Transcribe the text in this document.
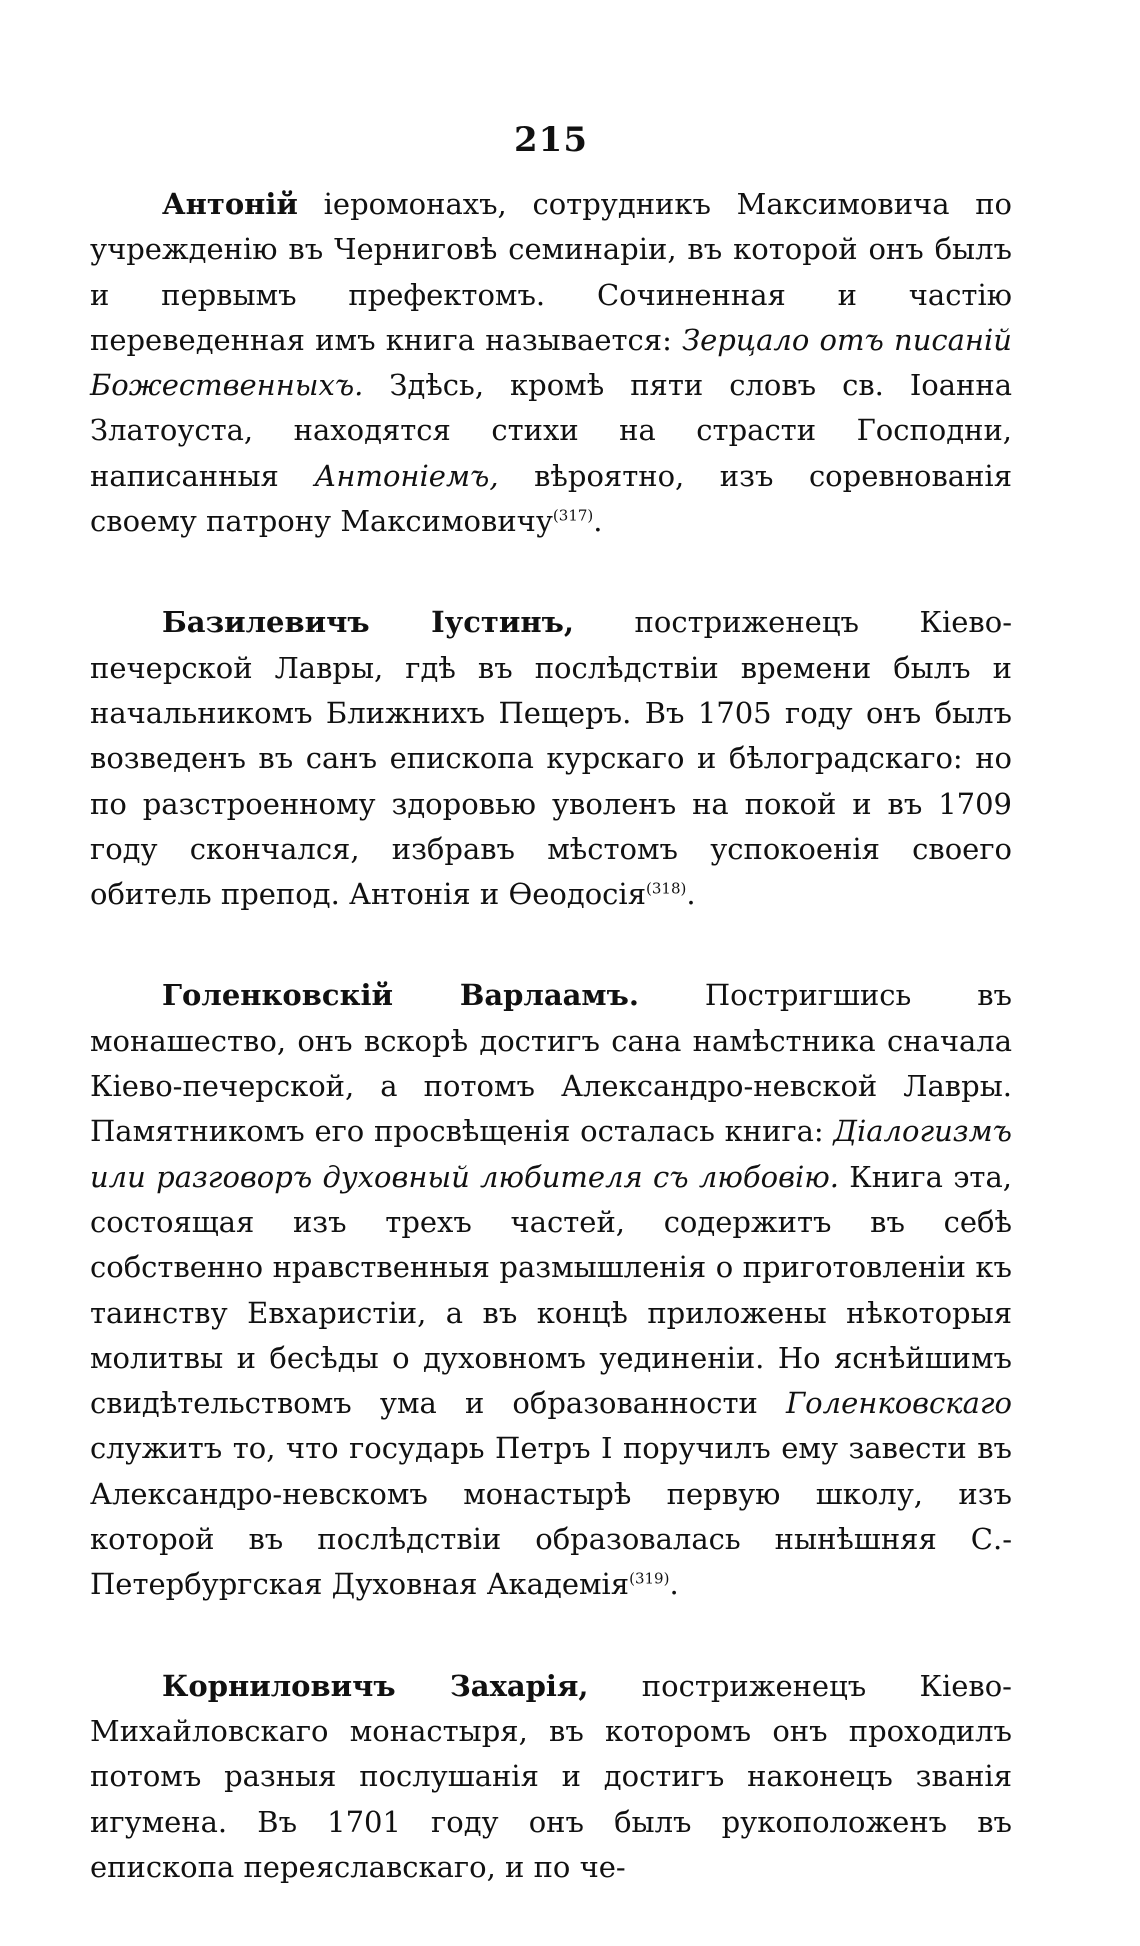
215

Антоній іеромонахъ, сотрудникъ Максимовича по учрежденію въ Черниговѣ семинаріи, въ которой онъ былъ и первымъ префектомъ. Сочиненная и частію переведенная имъ книга называется: Зерцало отъ писаній Божественныхъ. Здѣсь, кромѣ пяти словъ св. Іоанна Златоуста, находятся стихи на страсти Господни, написанныя Антоніемъ, вѣроятно, изъ соревнованія своему патрону Максимовичу$^{(317)}$.

Базилевичъ Іустинъ, постриженецъ Кіево-печерской Лавры, гдѣ въ послѣдствіи времени былъ и начальникомъ Ближнихъ Пещеръ. Въ 1705 году онъ былъ возведенъ въ санъ епископа курскаго и бѣлоградскаго: но по разстроенному здоровью уволенъ на покой и въ 1709 году скончался, избравъ мѣстомъ успокоенія своего обитель препод. Антонія и Ѳеодосія$^{(318)}$.

Голенковскій Варлаамъ. Постригшись въ монашество, онъ вскорѣ достигъ сана намѣстника сначала Кіево-печерской, а потомъ Александро-невской Лавры. Памятникомъ его просвѣщенія осталась книга: Діалогизмъ или разговоръ духовный любителя съ любовію. Книга эта, состоящая изъ трехъ частей, содержитъ въ себѣ собственно нравственныя размышленія о приготовленіи къ таинству Евхаристіи, а въ концѣ приложены нѣкоторыя молитвы и бесѣды о духовномъ уединеніи. Но яснѣйшимъ свидѣтельствомъ ума и образованности Голенковскаго служитъ то, что государь Петръ I поручилъ ему завести въ Александро-невскомъ монастырѣ первую школу, изъ которой въ послѣдствіи образовалась нынѣшняя С.-Петербургская Духовная Академія$^{(319)}$.

Корниловичъ Захарія, постриженецъ Кіево-Михайловскаго монастыря, въ которомъ онъ проходилъ потомъ разныя послушанія и достигъ наконецъ званія игумена. Въ 1701 году онъ былъ рукоположенъ въ епископа переяславскаго, и по че-
